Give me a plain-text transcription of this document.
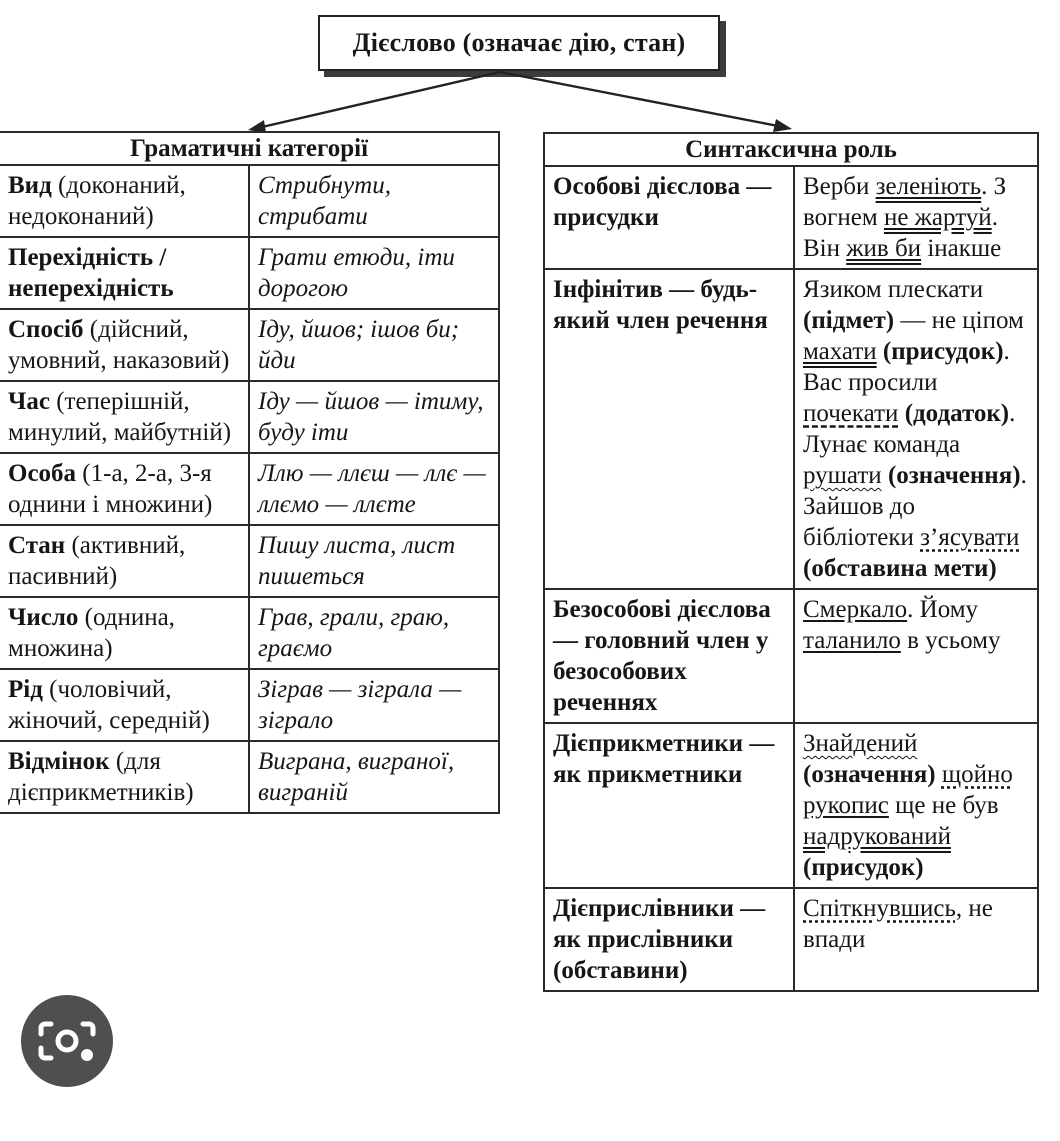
Дієслово (означає дію, стан)
Граматичні категорії	
Вид (доконаний, недоконаний)	Стрибнути, стрибати
Перехідність / неперехідність	Грати етюди, іти дорогою
Спосіб (дійсний, умовний, наказовий)	Іду, йшов; ішов би; йди
Час (теперішній, минулий, майбутній)	Іду — йшов — ітиму, буду іти
Особа (1-а, 2-а, 3-я однини і множини)	Ллю — ллєш — ллє — ллємо — ллєте
Стан (активний, пасивний)	Пишу листа, лист пишеться
Число (однина, множина)	Грав, грали, граю, граємо
Рід (чоловічий, жіночий, середній)	Зіграв — зіграла — зіграло
Відмінок (для дієприкметників)	Виграна, виграної, виграній
Синтаксична роль	
Особові дієслова — присудки	Верби зеленіють. З вогнем не жартуй. Він жив би інакше
Інфінітив — будь-який член речення	Язиком плескати (підмет) — не ціпом махати (присудок). Вас просили почекати (додаток). Лунає команда рушати (означення). Зайшов до бібліотеки з’ясувати (обставина мети)
Безособові дієслова — головний член у безособових реченнях	Смеркало. Йому таланило в усьому
Дієприкметники — як прикметники	Знайдений (означення) щойно рукопис ще не був надрукований (присудок)
Дієприслівники — як прислівники (обставини)	Спіткнувшись, не впади
